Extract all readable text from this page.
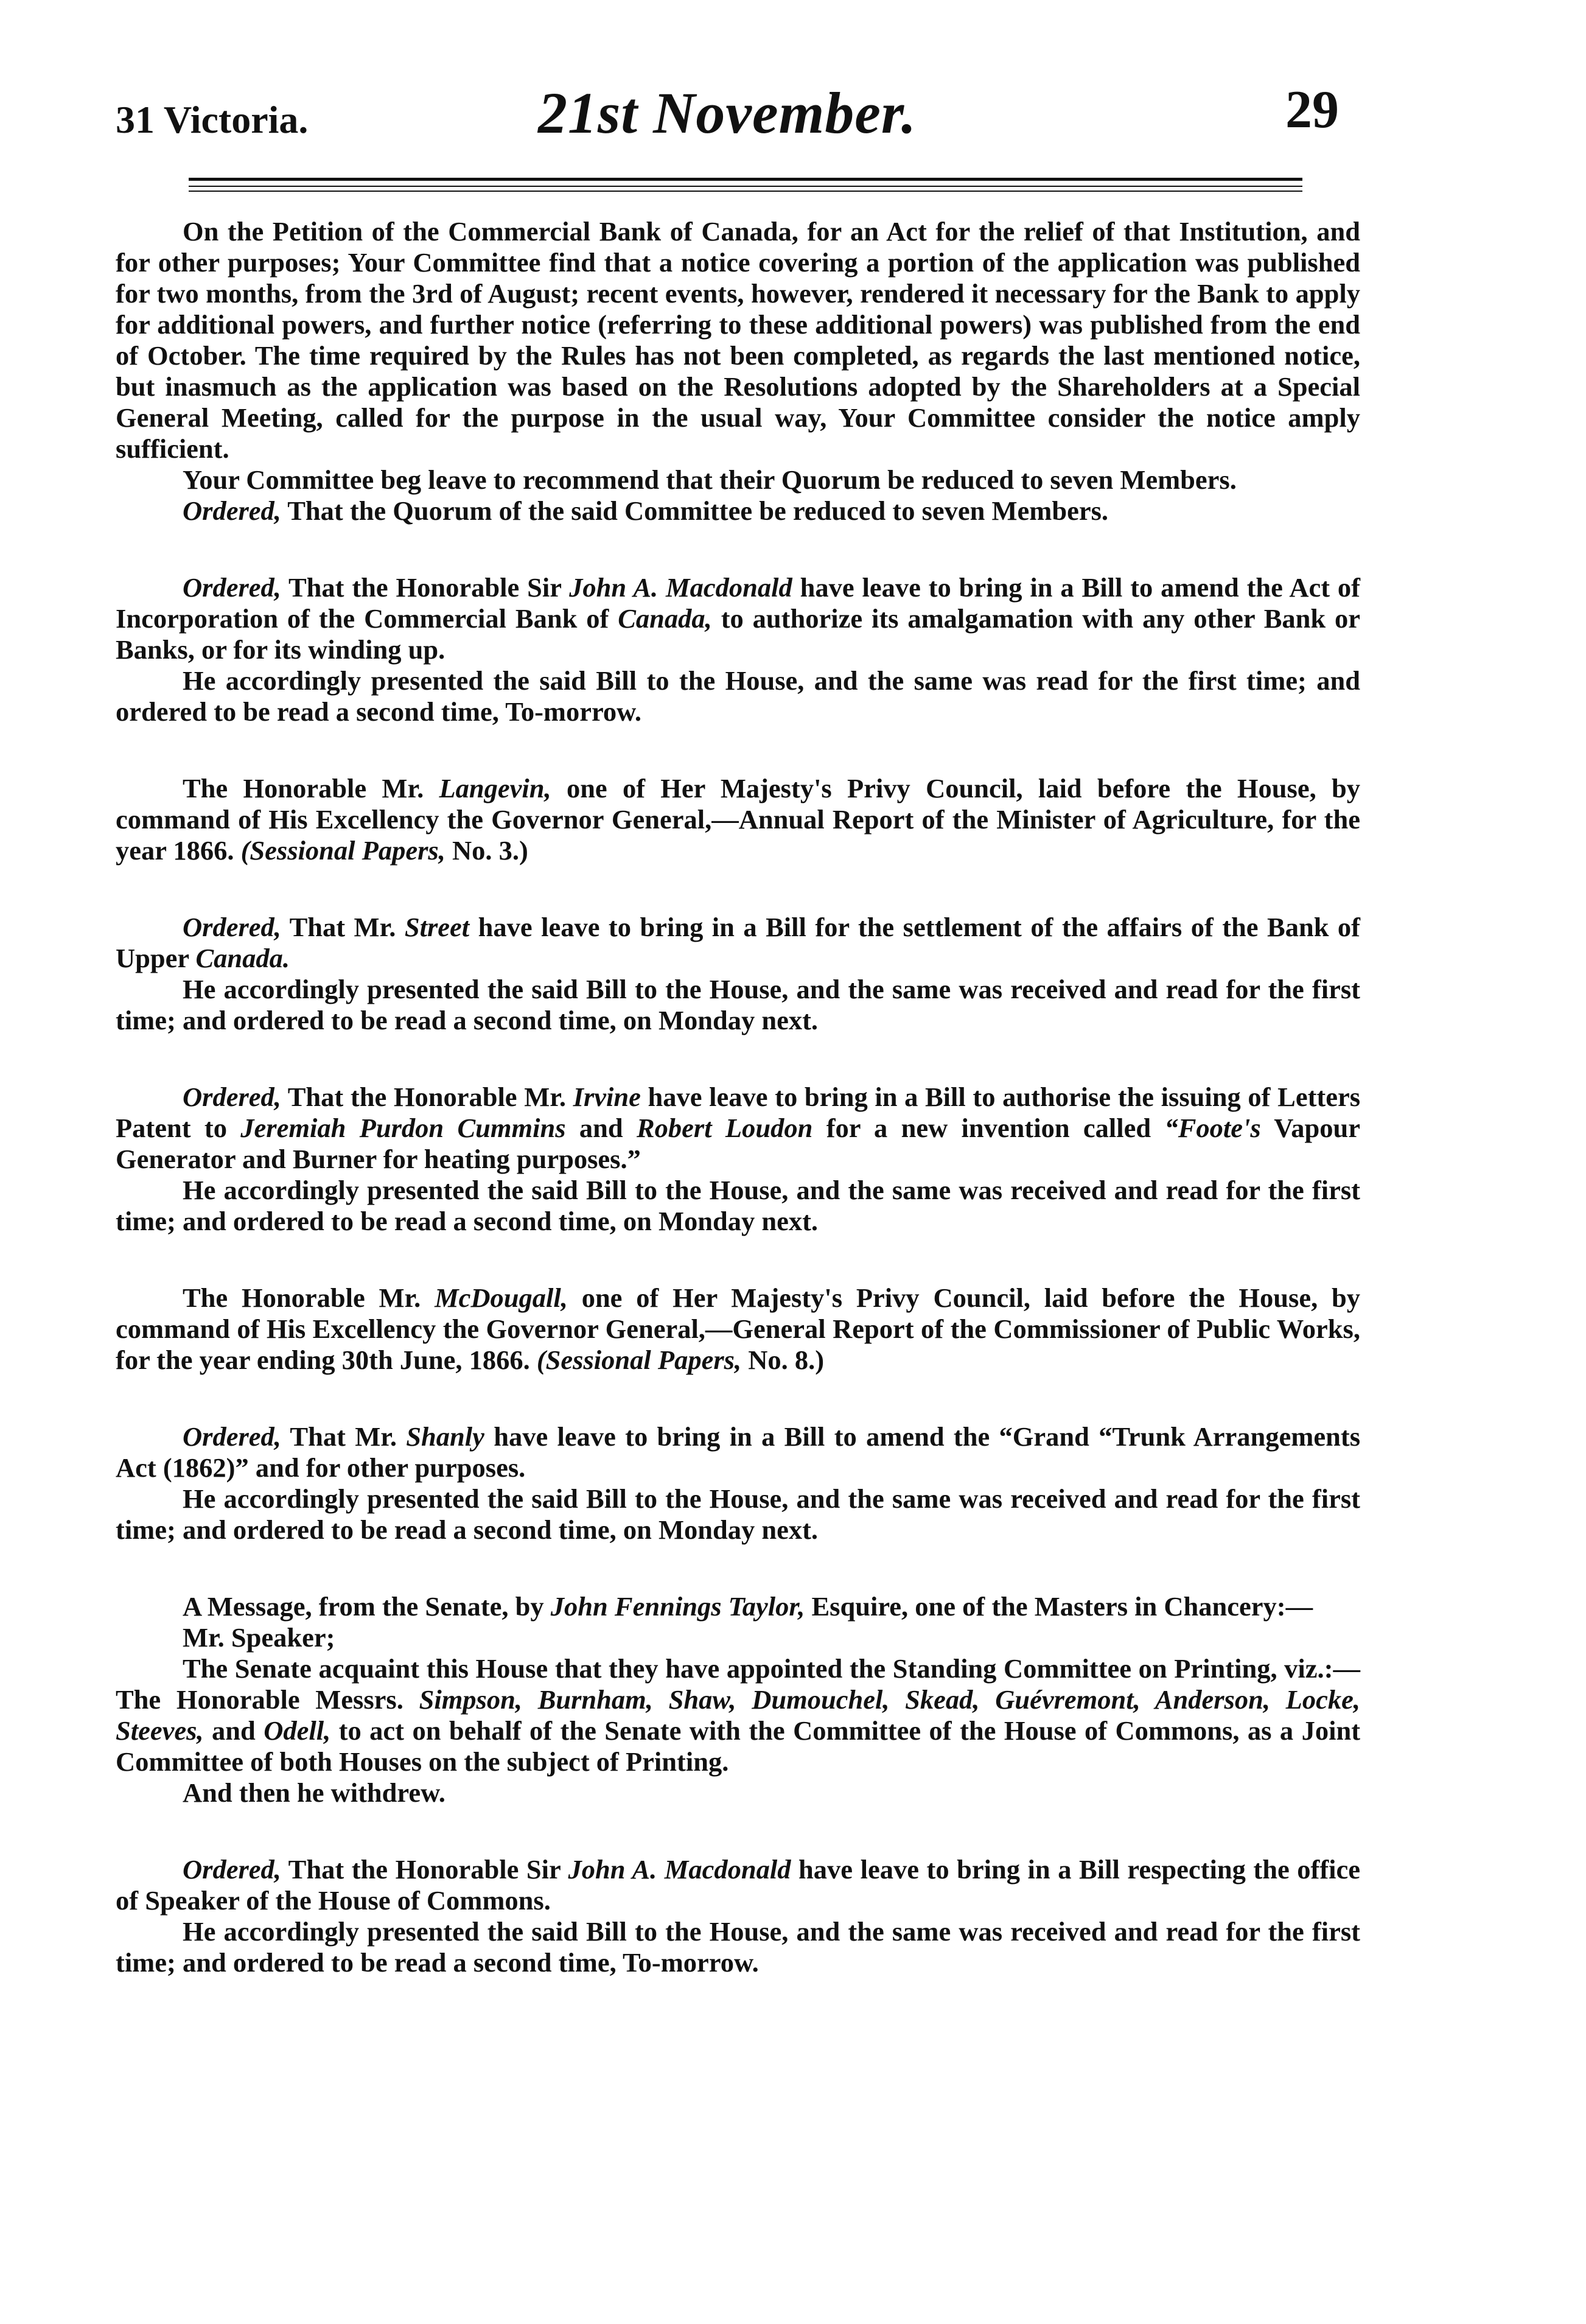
31 Victoria.	21st November.	29

On the Petition of the Commercial Bank of Canada, for an Act for the relief of that Institution, and for other purposes; Your Committee find that a notice covering a portion of the application was published for two months, from the 3rd of August; recent events, however, rendered it necessary for the Bank to apply for additional powers, and further notice (referring to these additional powers) was published from the end of October. The time required by the Rules has not been completed, as regards the last mentioned notice, but inasmuch as the application was based on the Resolutions adopted by the Shareholders at a Special General Meeting, called for the purpose in the usual way, Your Committee consider the notice amply sufficient.

Your Committee beg leave to recommend that their Quorum be reduced to seven Members.

Ordered, That the Quorum of the said Committee be reduced to seven Members.

Ordered, That the Honorable Sir John A. Macdonald have leave to bring in a Bill to amend the Act of Incorporation of the Commercial Bank of Canada, to authorize its amalgamation with any other Bank or Banks, or for its winding up.

He accordingly presented the said Bill to the House, and the same was read for the first time; and ordered to be read a second time, To-morrow.

The Honorable Mr. Langevin, one of Her Majesty's Privy Council, laid before the House, by command of His Excellency the Governor General,—Annual Report of the Minister of Agriculture, for the year 1866. (Sessional Papers, No. 3.)

Ordered, That Mr. Street have leave to bring in a Bill for the settlement of the affairs of the Bank of Upper Canada.

He accordingly presented the said Bill to the House, and the same was received and read for the first time; and ordered to be read a second time, on Monday next.

Ordered, That the Honorable Mr. Irvine have leave to bring in a Bill to authorise the issuing of Letters Patent to Jeremiah Purdon Cummins and Robert Loudon for a new invention called “Foote's Vapour Generator and Burner for heating purposes.”

He accordingly presented the said Bill to the House, and the same was received and read for the first time; and ordered to be read a second time, on Monday next.

The Honorable Mr. McDougall, one of Her Majesty's Privy Council, laid before the House, by command of His Excellency the Governor General,—General Report of the Commissioner of Public Works, for the year ending 30th June, 1866. (Sessional Papers, No. 8.)

Ordered, That Mr. Shanly have leave to bring in a Bill to amend the “Grand “Trunk Arrangements Act (1862)” and for other purposes.

He accordingly presented the said Bill to the House, and the same was received and read for the first time; and ordered to be read a second time, on Monday next.

A Message, from the Senate, by John Fennings Taylor, Esquire, one of the Masters in Chancery:—

Mr. Speaker;

The Senate acquaint this House that they have appointed the Standing Committee on Printing, viz.:—The Honorable Messrs. Simpson, Burnham, Shaw, Dumouchel, Skead, Guévremont, Anderson, Locke, Steeves, and Odell, to act on behalf of the Senate with the Committee of the House of Commons, as a Joint Committee of both Houses on the subject of Printing.

And then he withdrew.

Ordered, That the Honorable Sir John A. Macdonald have leave to bring in a Bill respecting the office of Speaker of the House of Commons.

He accordingly presented the said Bill to the House, and the same was received and read for the first time; and ordered to be read a second time, To-morrow.
